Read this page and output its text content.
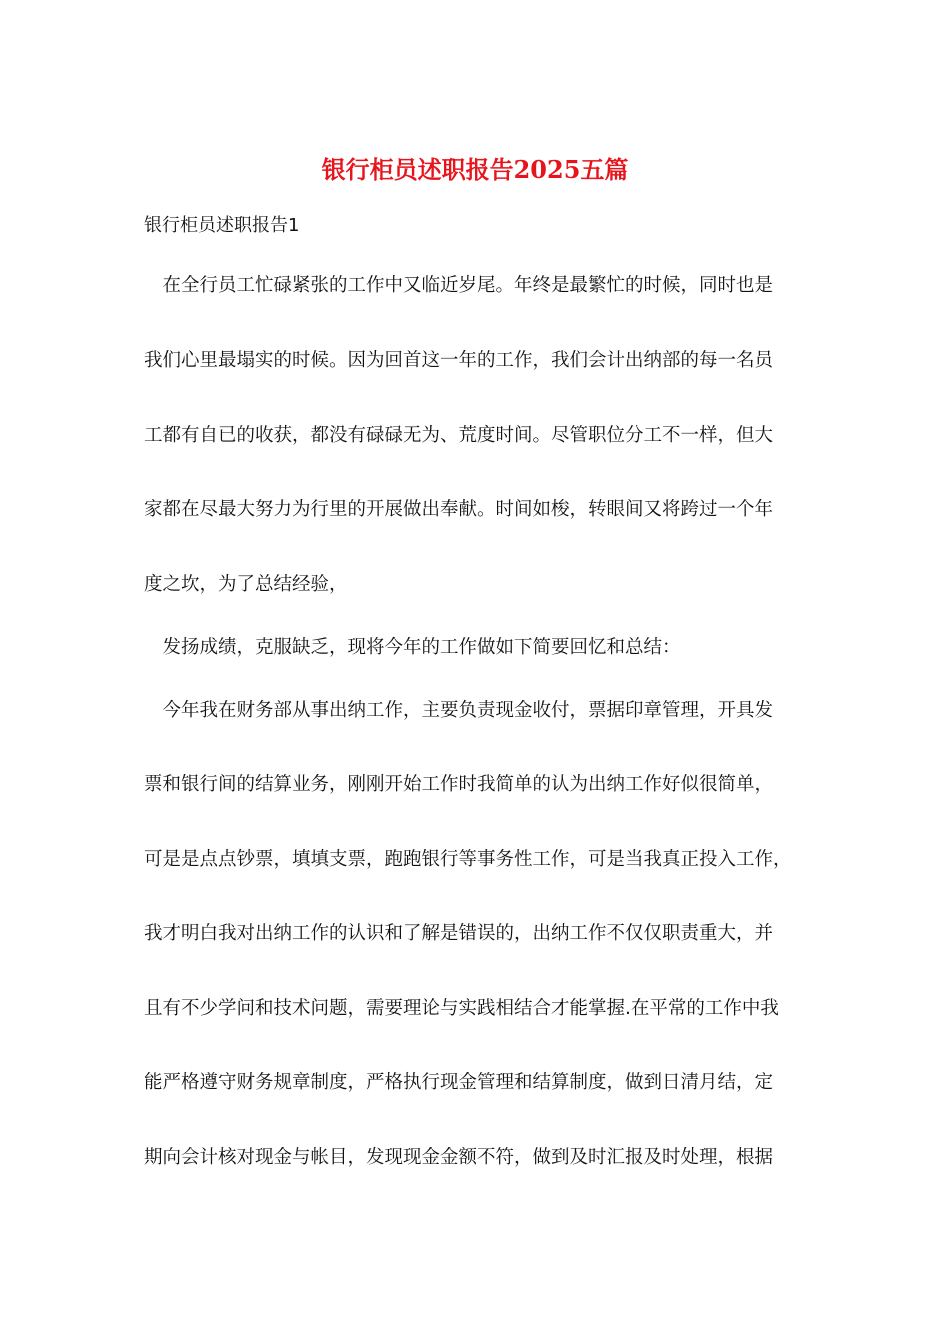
银行柜员述职报告2025五篇

银行柜员述职报告1

　在全行员工忙碌紧张的工作中又临近岁尾。年终是最繁忙的时候，同时也是

我们心里最塌实的时候。因为回首这一年的工作，我们会计出纳部的每一名员

工都有自已的收获，都没有碌碌无为、荒度时间。尽管职位分工不一样，但大

家都在尽最大努力为行里的开展做出奉献。时间如梭，转眼间又将跨过一个年

度之坎，为了总结经验，

　发扬成绩，克服缺乏，现将今年的工作做如下简要回忆和总结：

　今年我在财务部从事出纳工作，主要负责现金收付，票据印章管理，开具发

票和银行间的结算业务，刚刚开始工作时我简单的认为出纳工作好似很简单，

可是是点点钞票，填填支票，跑跑银行等事务性工作，可是当我真正投入工作，

我才明白我对出纳工作的认识和了解是错误的，出纳工作不仅仅职责重大，并

且有不少学问和技术问题，需要理论与实践相结合才能掌握.在平常的工作中我

能严格遵守财务规章制度，严格执行现金管理和结算制度，做到日清月结，定

期向会计核对现金与帐目，发现现金金额不符，做到及时汇报及时处理，根据
